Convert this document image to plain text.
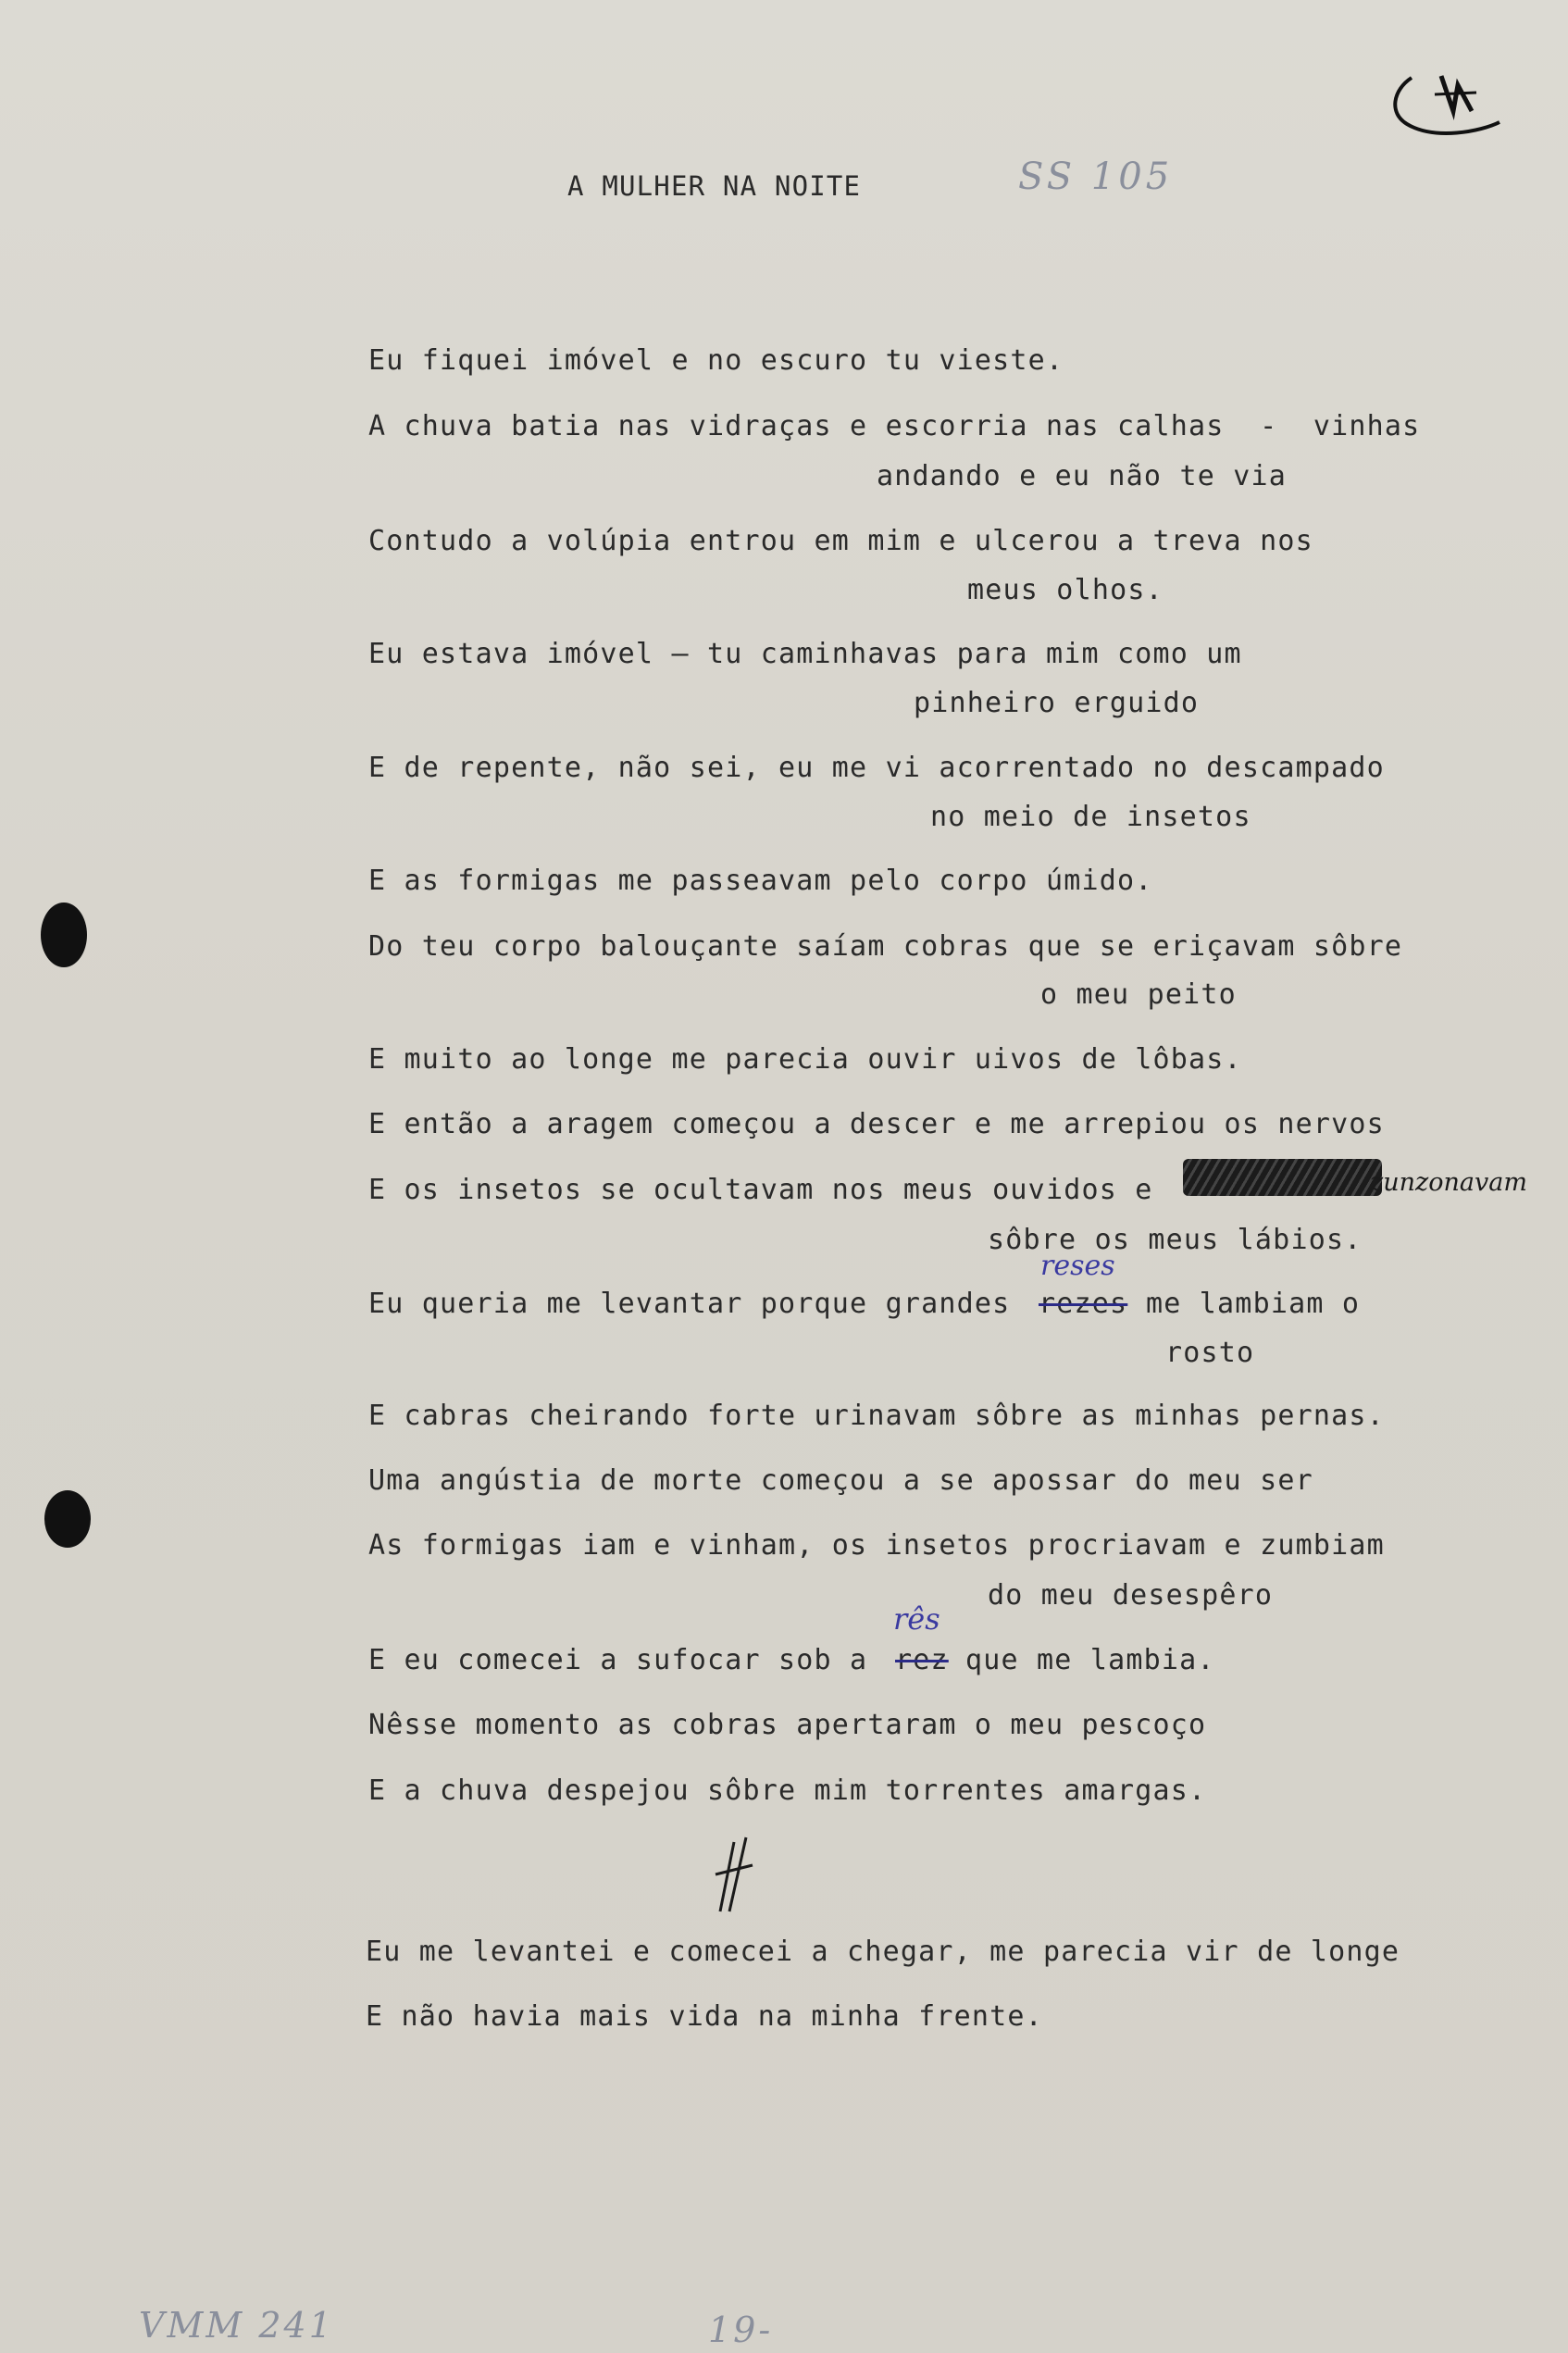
A MULHER NA NOITE	SS 105
Eu fiquei imóvel e no escuro tu vieste.
A chuva batia nas vidraças e escorria nas calhas  -  vinhas
andando e eu não te via
Contudo a volúpia entrou em mim e ulcerou a treva nos
meus olhos.
Eu estava imóvel — tu caminhavas para mim como um
pinheiro erguido
E de repente, não sei, eu me vi acorrentado no descampado
no meio de insetos
E as formigas me passeavam pelo corpo úmido.
Do teu corpo balouçante saíam cobras que se eriçavam sôbre
o meu peito
E muito ao longe me parecia ouvir uivos de lôbas.
E então a aragem começou a descer e me arrepiou os nervos
E os insetos se ocultavam nos meus ouvidos e	zunzonavam
sôbre os meus lábios.
Eu queria me levantar porque grandes rezes
reses
me lambiam o
rosto
E cabras cheirando forte urinavam sôbre as minhas pernas.
Uma angústia de morte começou a se apossar do meu ser
As formigas iam e vinham, os insetos procriavam e zumbiam
do meu desespêro
E eu comecei a sufocar sob a rez
rês
que me lambia.
Nêsse momento as cobras apertaram o meu pescoço
E a chuva despejou sôbre mim torrentes amargas.
Eu me levantei e comecei a chegar, me parecia vir de longe
E não havia mais vida na minha frente.
VMM 241	19-
